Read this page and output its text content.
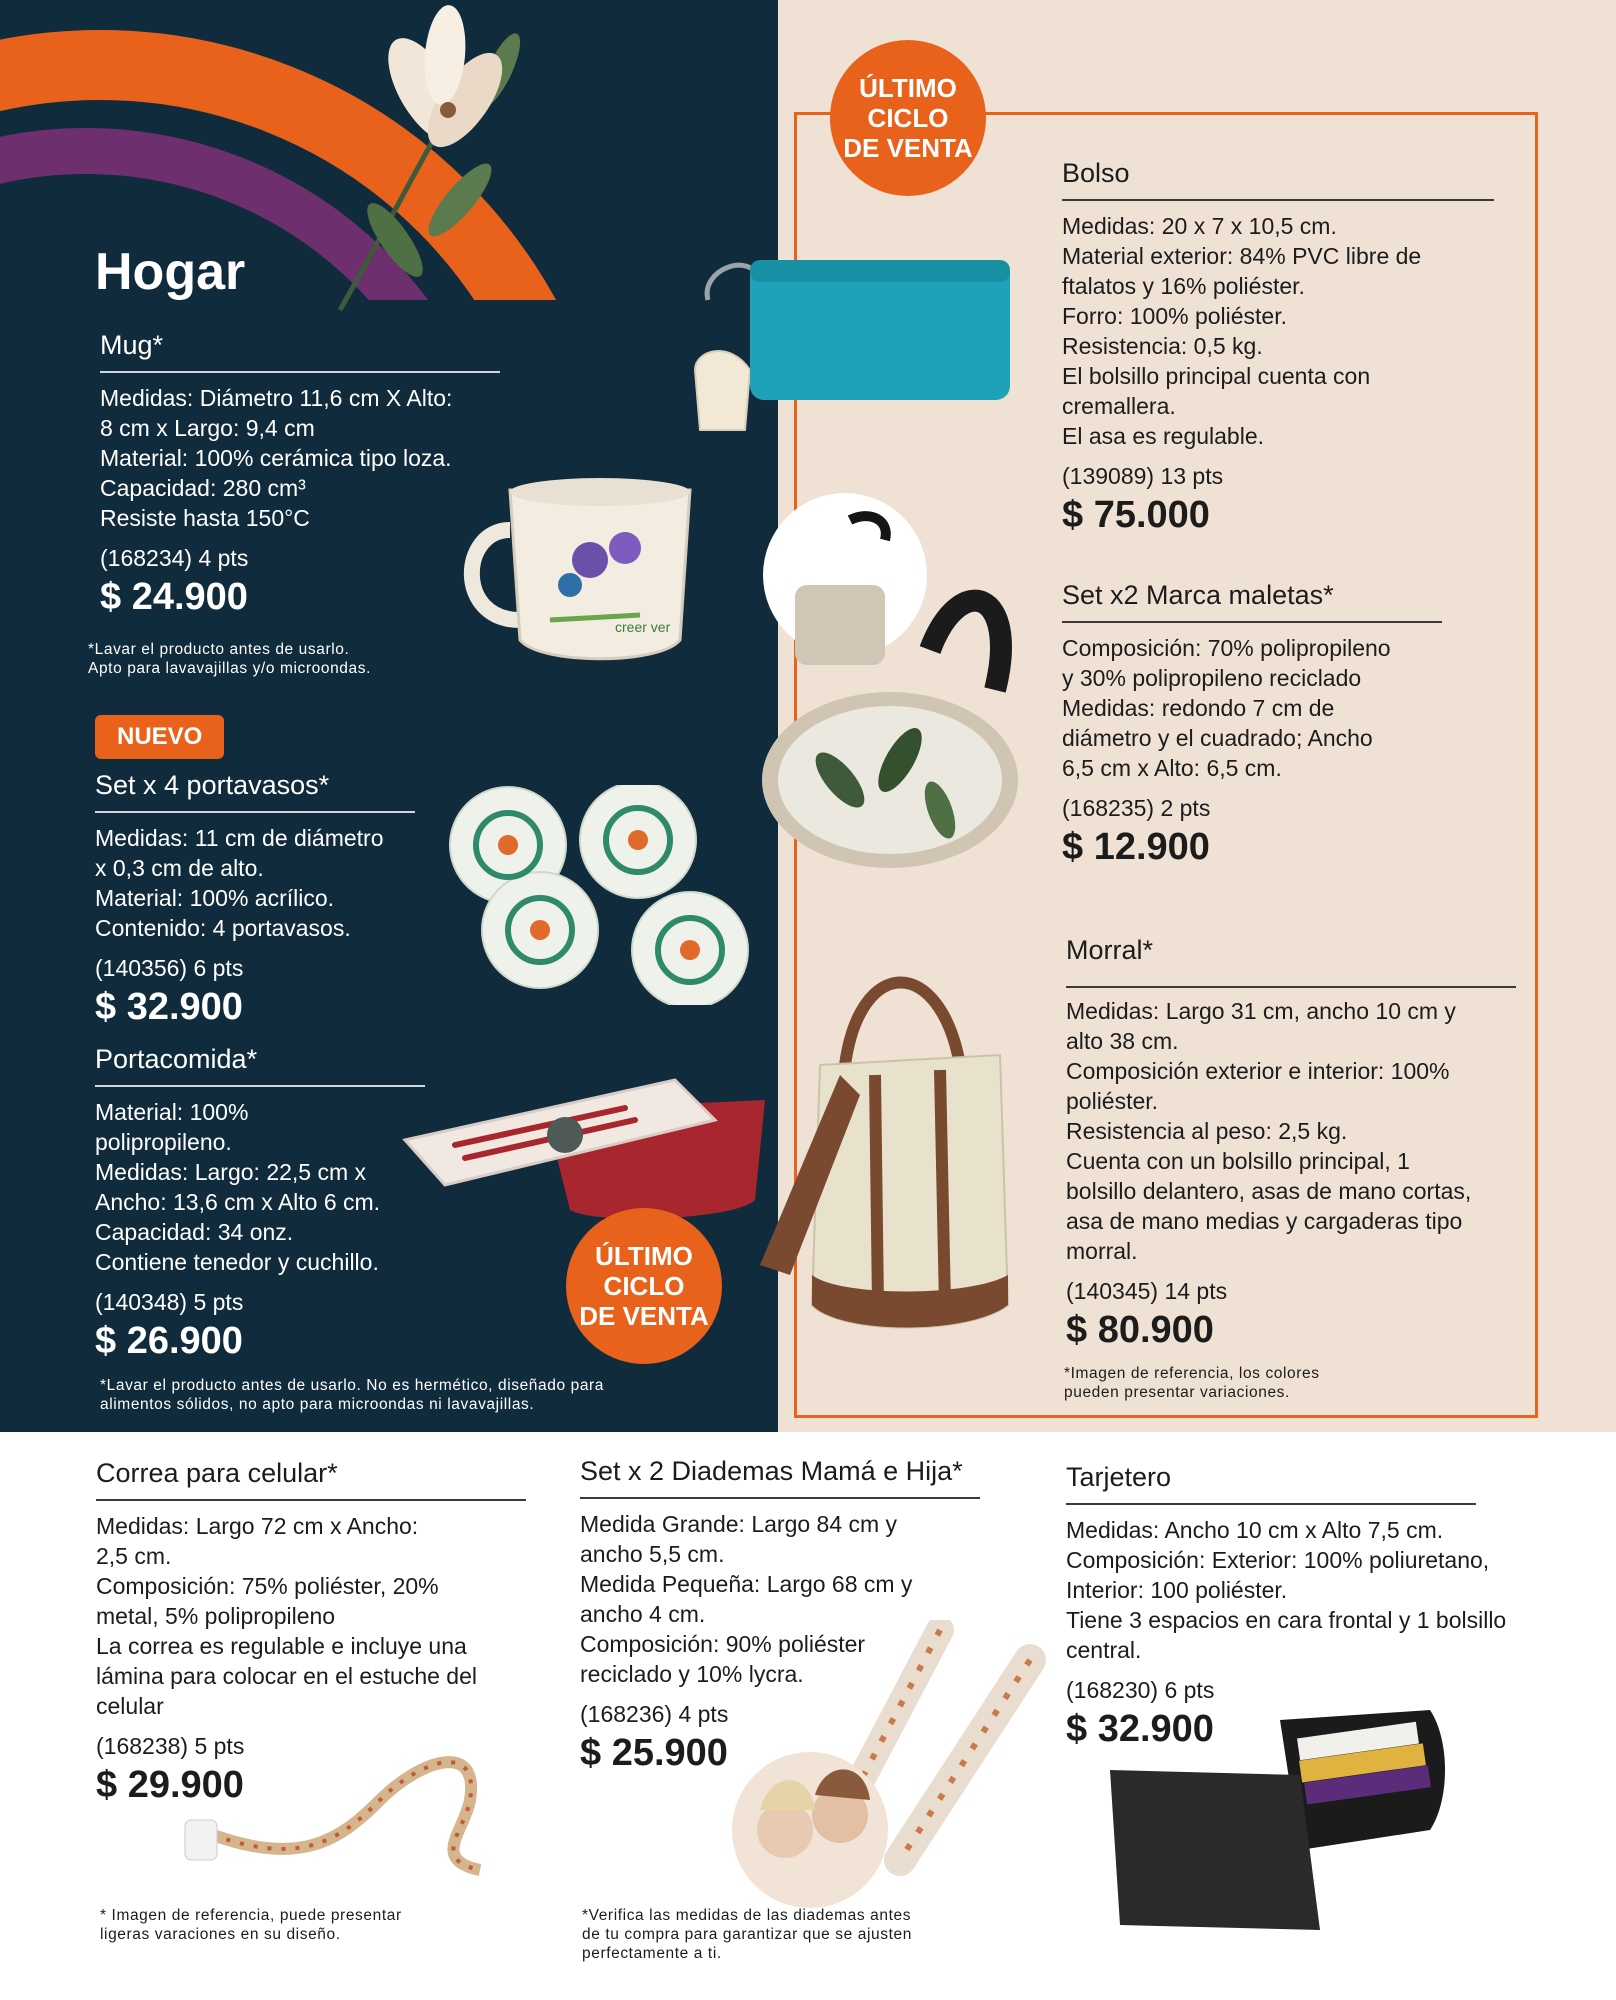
Hogar
Mug*
Medidas: Diámetro 11,6 cm X Alto:
8 cm x Largo: 9,4 cm
Material: 100% cerámica tipo loza.
Capacidad: 280 cm³
Resiste hasta 150°C
(168234) 4 pts
$ 24.900
*Lavar el producto antes de usarlo.
Apto para lavavajillas y/o microondas.
creer ver
NUEVO
Set x 4 portavasos*
Medidas: 11 cm de diámetro
x 0,3 cm de alto.
Material: 100% acrílico.
Contenido: 4 portavasos.
(140356) 6 pts
$ 32.900
Portacomida*
Material: 100%
polipropileno.
Medidas: Largo: 22,5 cm x
Ancho: 13,6 cm x Alto 6 cm.
Capacidad: 34 onz.
Contiene tenedor y cuchillo.
(140348) 5 pts
$ 26.900
*Lavar el producto antes de usarlo. No es hermético, diseñado para
alimentos sólidos, no apto para microondas ni lavavajillas.
ÚLTIMO
CICLO
DE VENTA
ÚLTIMO
CICLO
DE VENTA
Bolso
Medidas: 20 x 7 x 10,5 cm.
Material exterior: 84% PVC libre de
ftalatos y 16% poliéster.
Forro: 100% poliéster.
Resistencia: 0,5 kg.
El bolsillo principal cuenta con
cremallera.
El asa es regulable.
(139089) 13 pts
$ 75.000
Set x2 Marca maletas*
Composición: 70% polipropileno
y 30% polipropileno reciclado
Medidas: redondo 7 cm de
diámetro y el cuadrado; Ancho
6,5 cm x Alto: 6,5 cm.
(168235) 2 pts
$ 12.900
Morral*
Medidas: Largo 31 cm, ancho 10 cm y
alto 38 cm.
Composición exterior e interior: 100%
poliéster.
Resistencia al peso: 2,5 kg.
Cuenta con un bolsillo principal, 1
bolsillo delantero, asas de mano cortas,
asa de mano medias y cargaderas tipo
morral.
(140345) 14 pts
$ 80.900
*Imagen de referencia, los colores
pueden presentar variaciones.
Correa para celular*
Medidas: Largo 72 cm x Ancho:
2,5 cm.
Composición: 75% poliéster, 20%
metal, 5% polipropileno
La correa es regulable e incluye una
lámina para colocar en el estuche del
celular
(168238) 5 pts
$ 29.900
* Imagen de referencia, puede presentar
ligeras varaciones en su diseño.
Set x 2 Diademas Mamá e Hija*
Medida Grande: Largo 84 cm y
ancho 5,5 cm.
Medida Pequeña: Largo 68 cm y
ancho 4 cm.
Composición: 90% poliéster
reciclado y 10% lycra.
(168236) 4 pts
$ 25.900
*Verifica las medidas de las diademas antes
de tu compra para garantizar que se ajusten
perfectamente a ti.
Tarjetero
Medidas: Ancho 10 cm x Alto 7,5 cm.
Composición: Exterior: 100% poliuretano,
Interior: 100 poliéster.
Tiene 3 espacios en cara frontal y 1 bolsillo
central.
(168230) 6 pts
$ 32.900
